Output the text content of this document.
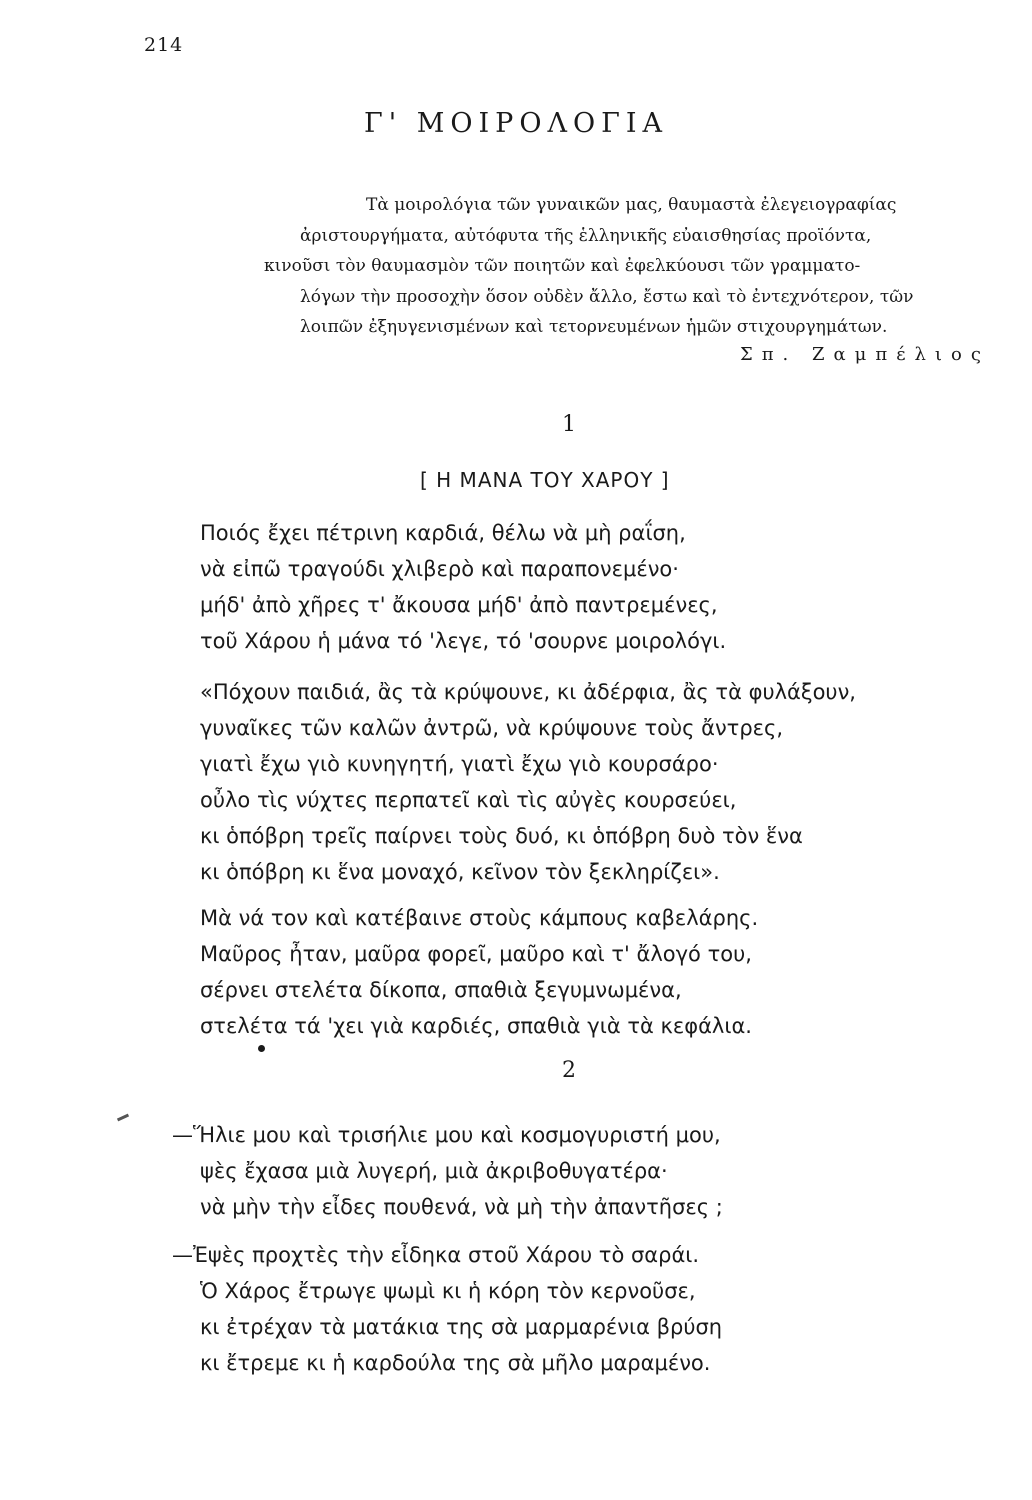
214
Γ' ΜΟΙΡΟΛΟΓΙΑ
Τὰ μοιρολόγια τῶν γυναικῶν μας, θαυμαστὰ ἐλεγειογραφίας
ἀριστουργήματα, αὐτόφυτα τῆς ἑλληνικῆς εὐαισθησίας προϊόντα,
κινοῦσι τὸν θαυμασμὸν τῶν ποιητῶν καὶ ἐφελκύουσι τῶν γραμματο-
λόγων τὴν προσοχὴν ὅσον οὐδὲν ἄλλο, ἔστω καὶ τὸ ἐντεχνότερον, τῶν
λοιπῶν ἐξηυγενισμένων καὶ τετορνευμένων ἡμῶν στιχουργημάτων.
Σπ. Ζαμπέλιος
1
[ Η ΜΑΝΑ ΤΟΥ ΧΑΡΟΥ ]
Ποιός ἔχει πέτρινη καρδιά, θέλω νὰ μὴ ραΐση,
νὰ εἰπῶ τραγούδι χλιβερὸ καὶ παραπονεμένο·
μήδ' ἀπὸ χῆρες τ' ἄκουσα μήδ' ἀπὸ παντρεμένες,
τοῦ Χάρου ἡ μάνα τό 'λεγε, τό 'σουρνε μοιρολόγι.
«Πόχουν παιδιά, ἂς τὰ κρύψουνε, κι ἀδέρφια, ἂς τὰ φυλάξουν,
γυναῖκες τῶν καλῶν ἀντρῶ, νὰ κρύψουνε τοὺς ἄντρες,
γιατὶ ἔχω γιὸ κυνηγητή, γιατὶ ἔχω γιὸ κουρσάρο·
οὖλο τὶς νύχτες περπατεῖ καὶ τὶς αὐγὲς κουρσεύει,
κι ὁπόβρη τρεῖς παίρνει τοὺς δυό, κι ὁπόβρη δυὸ τὸν ἕνα
κι ὁπόβρη κι ἕνα μοναχό, κεῖνον τὸν ξεκληρίζει».
Μὰ νά τον καὶ κατέβαινε στοὺς κάμπους καβελάρης.
Μαῦρος ἦταν, μαῦρα φορεῖ, μαῦρο καὶ τ' ἄλογό του,
σέρνει στελέτα δίκοπα, σπαθιὰ ξεγυμνωμένα,
στελέτα τά 'χει γιὰ καρδιές, σπαθιὰ γιὰ τὰ κεφάλια.
2
—Ἥλιε μου καὶ τρισήλιε μου καὶ κοσμογυριστή μου,
ψὲς ἔχασα μιὰ λυγερή, μιὰ ἀκριβοθυγατέρα·
νὰ μὴν τὴν εἶδες πουθενά, νὰ μὴ τὴν ἀπαντῆσες ;
—Ἐψὲς προχτὲς τὴν εἶδηκα στοῦ Χάρου τὸ σαράι.
Ὁ Χάρος ἔτρωγε ψωμὶ κι ἡ κόρη τὸν κερνοῦσε,
κι ἐτρέχαν τὰ ματάκια της σὰ μαρμαρένια βρύση
κι ἔτρεμε κι ἡ καρδούλα της σὰ μῆλο μαραμένο.
